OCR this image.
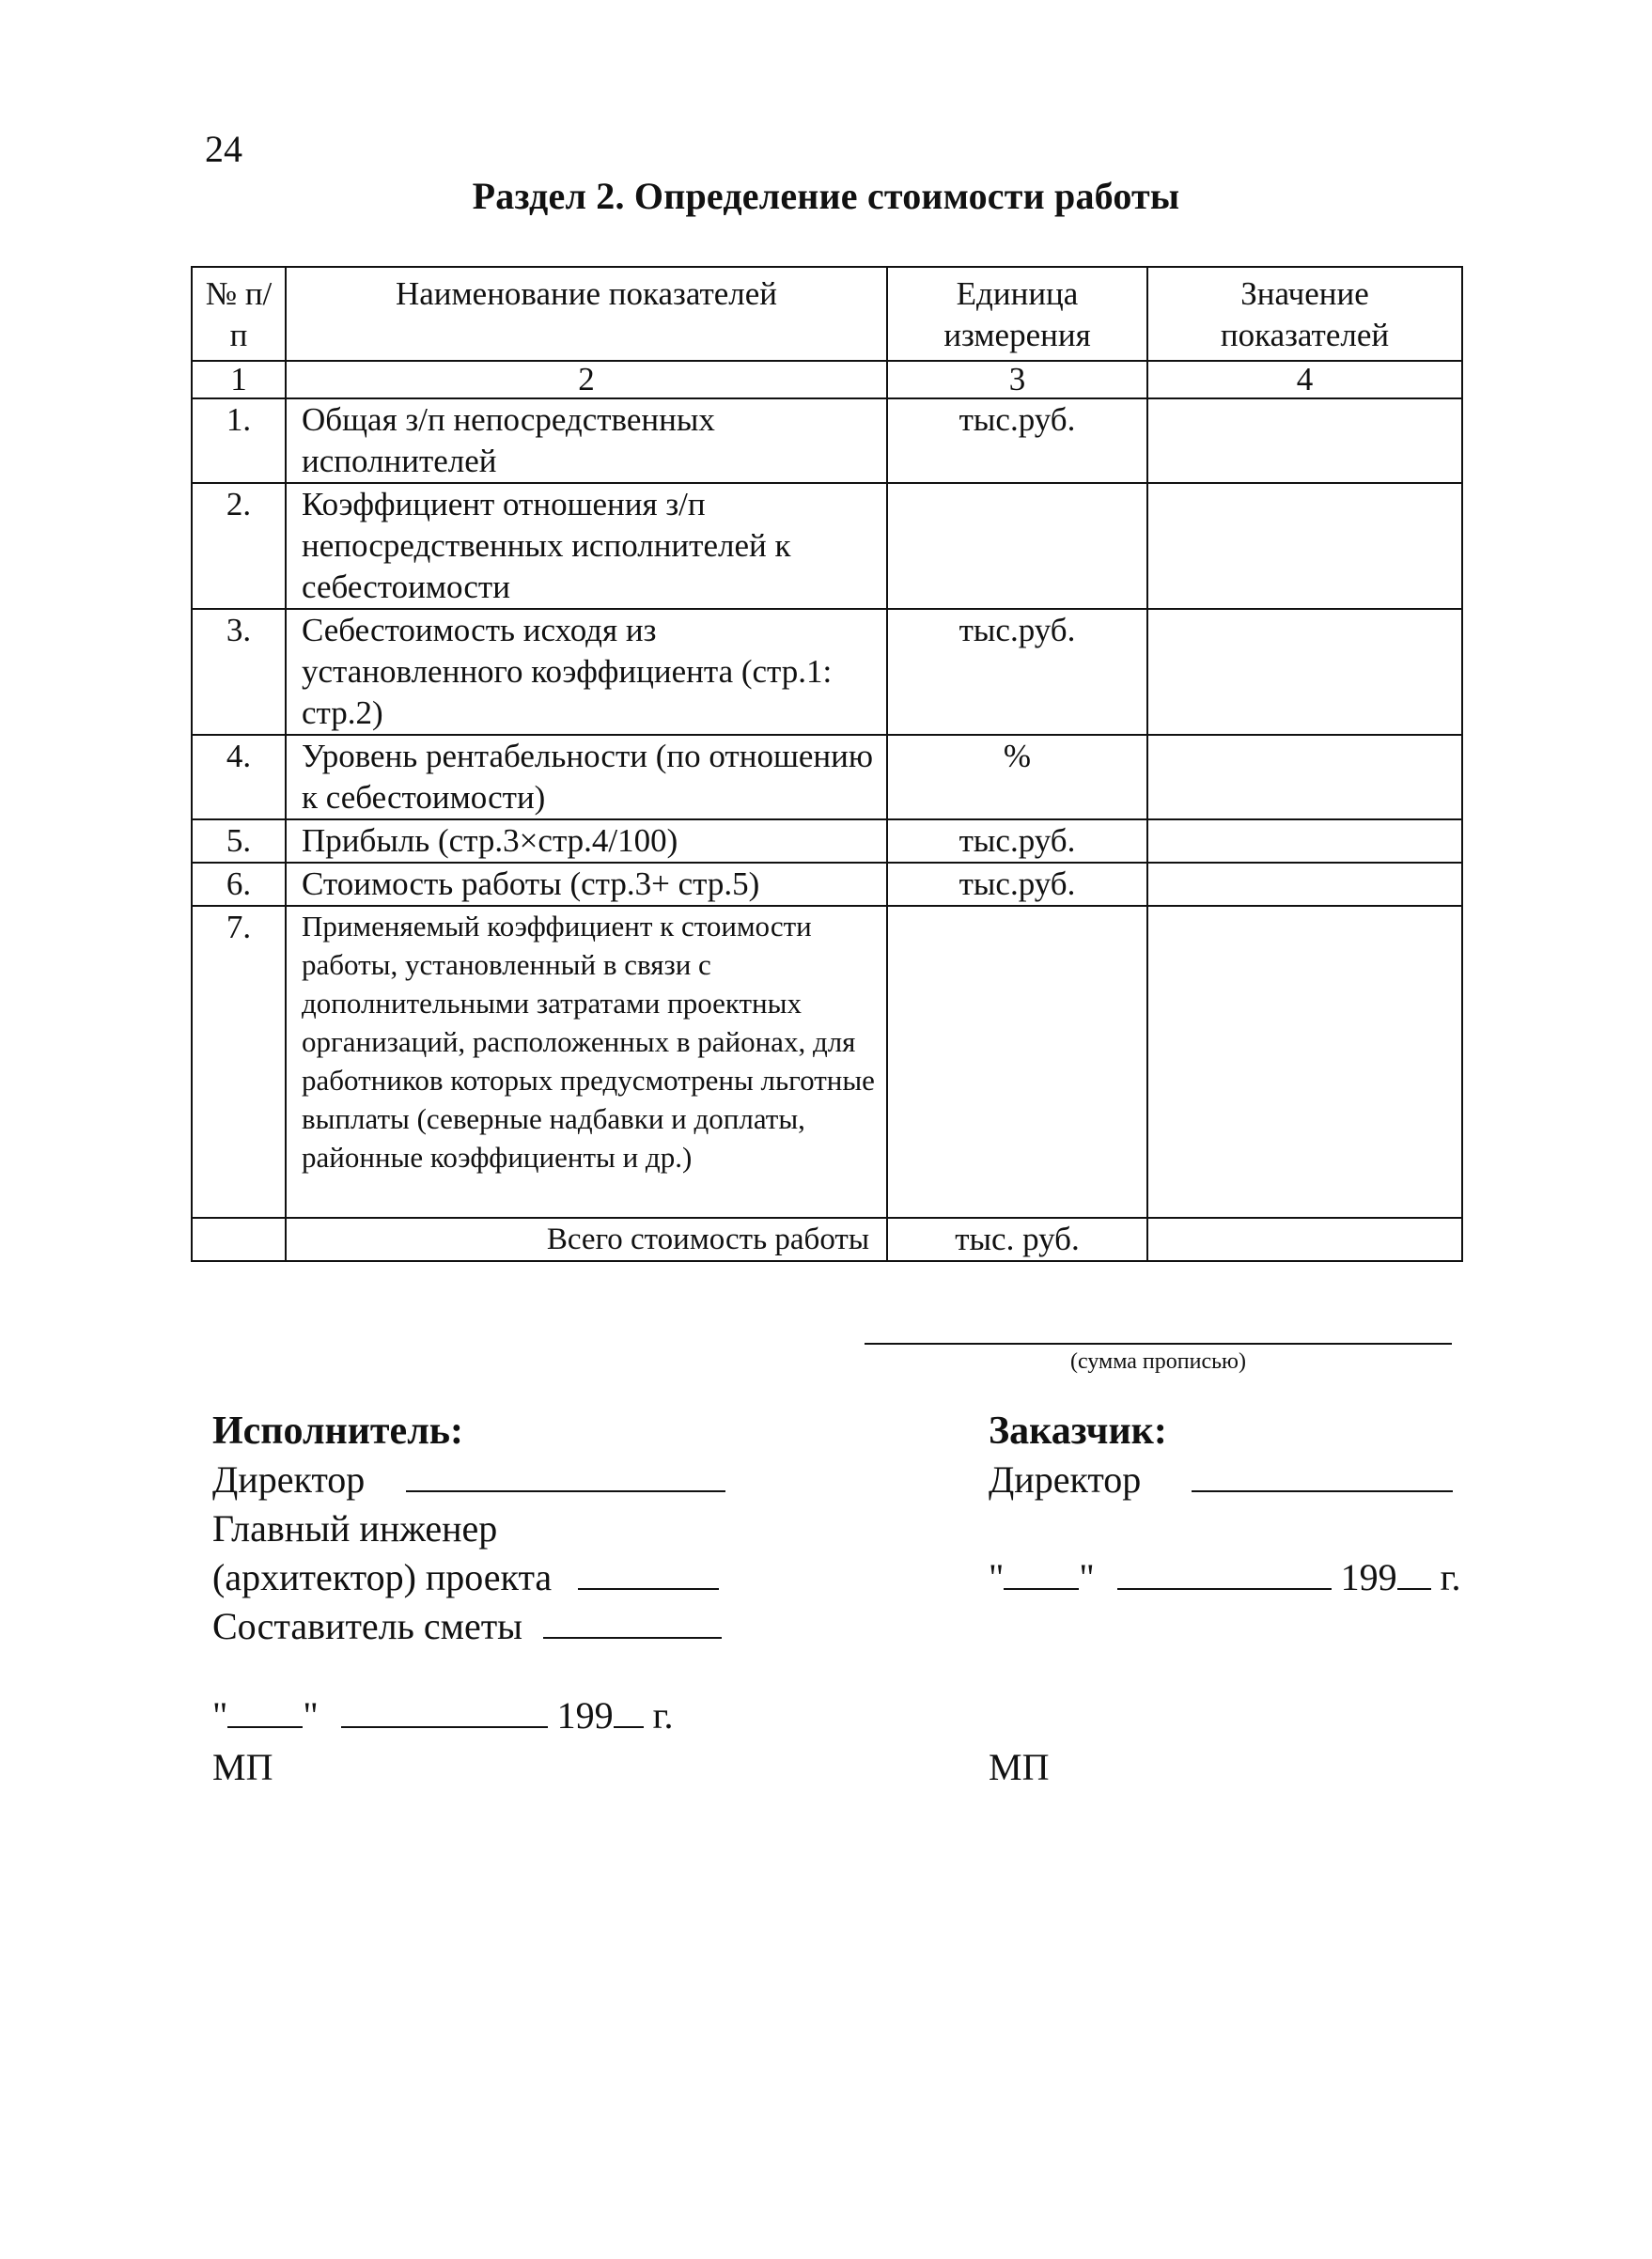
24
Раздел 2. Определение стоимости работы
№ п/п	Наименование показателей	Единица измерения	Значение показателей
1	2	3	4
1.	Общая з/п непосредственных исполнителей	тыс.руб.	
2.	Коэффициент отношения з/п непосредственных исполнителей к себестоимости		
3.	Себестоимость исходя из установленного коэффициента (стр.1: стр.2)	тыс.руб.	
4.	Уровень рентабельности (по отношению к себестоимости)	%	
5.	Прибыль (стр.3×стр.4/100)	тыс.руб.	
6.	Стоимость работы (стр.3+ стр.5)	тыс.руб.	
7.	Применяемый коэффициент к стоимости работы, установленный в связи с дополнительными затратами проектных организаций, расположенных в районах, для работников которых предусмотрены льготные выплаты (северные надбавки и доплаты, районные коэффициенты и др.)		
	Всего стоимость работы	тыс. руб.	
(сумма прописью)
Исполнитель:
Директор
Главный инженер
(архитектор) проекта
Составитель сметы
" "	199 г.
МП
Заказчик:
Директор
" "	199 г.
МП
